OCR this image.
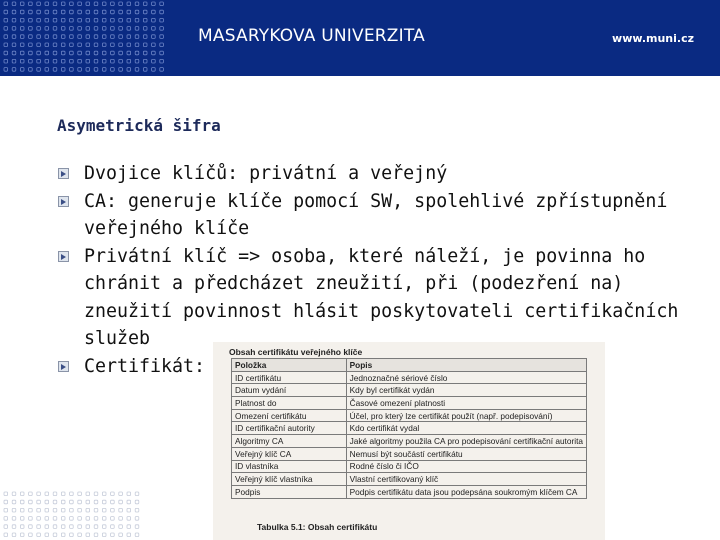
MASARYKOVA UNIVERZITA	www.muni.cz
Asymetrická šifra
Dvojice klíčů: privátní a veřejný
CA: generuje klíče pomocí SW, spolehlivé zpřístupnění veřejného klíče
Privátní klíč => osoba, které náleží, je povinna ho chránit a předcházet zneužití, při (podezření na) zneužití povinnost hlásit poskytovateli certifikačních služeb
Certifikát:
Obsah certifikátu veřejného klíče
Položka	Popis
ID certifikátu	Jednoznačné sériové číslo
Datum vydání	Kdy byl certifikát vydán
Platnost do	Časové omezení platnosti
Omezení certifikátu	Účel, pro který lze certifikát použít (např. podepisování)
ID certifikační autority	Kdo certifikát vydal
Algoritmy CA	Jaké algoritmy použila CA pro podepisování certifikační autorita
Veřejný klíč CA	Nemusí být součástí certifikátu
ID vlastníka	Rodné číslo či IČO
Veřejný klíč vlastníka	Vlastní certifikovaný klíč
Podpis	Podpis certifikátu data jsou podepsána soukromým klíčem CA
Tabulka 5.1: Obsah certifikátu
